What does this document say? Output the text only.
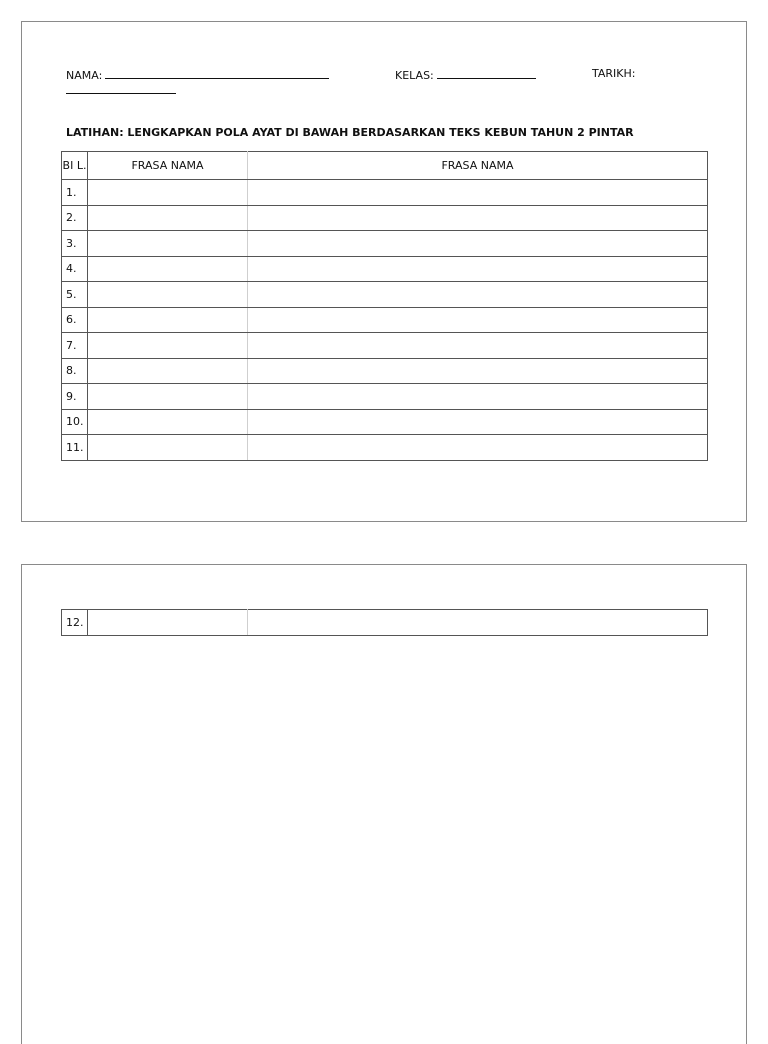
NAMA:	KELAS:	TARIKH:
LATIHAN: LENGKAPKAN POLA AYAT DI BAWAH BERDASARKAN TEKS KEBUN TAHUN 2 PINTAR
BI L.	FRASA NAMA	FRASA NAMA
1.		
2.		
3.		
4.		
5.		
6.		
7.		
8.		
9.		
10.		
11.		
12.		
